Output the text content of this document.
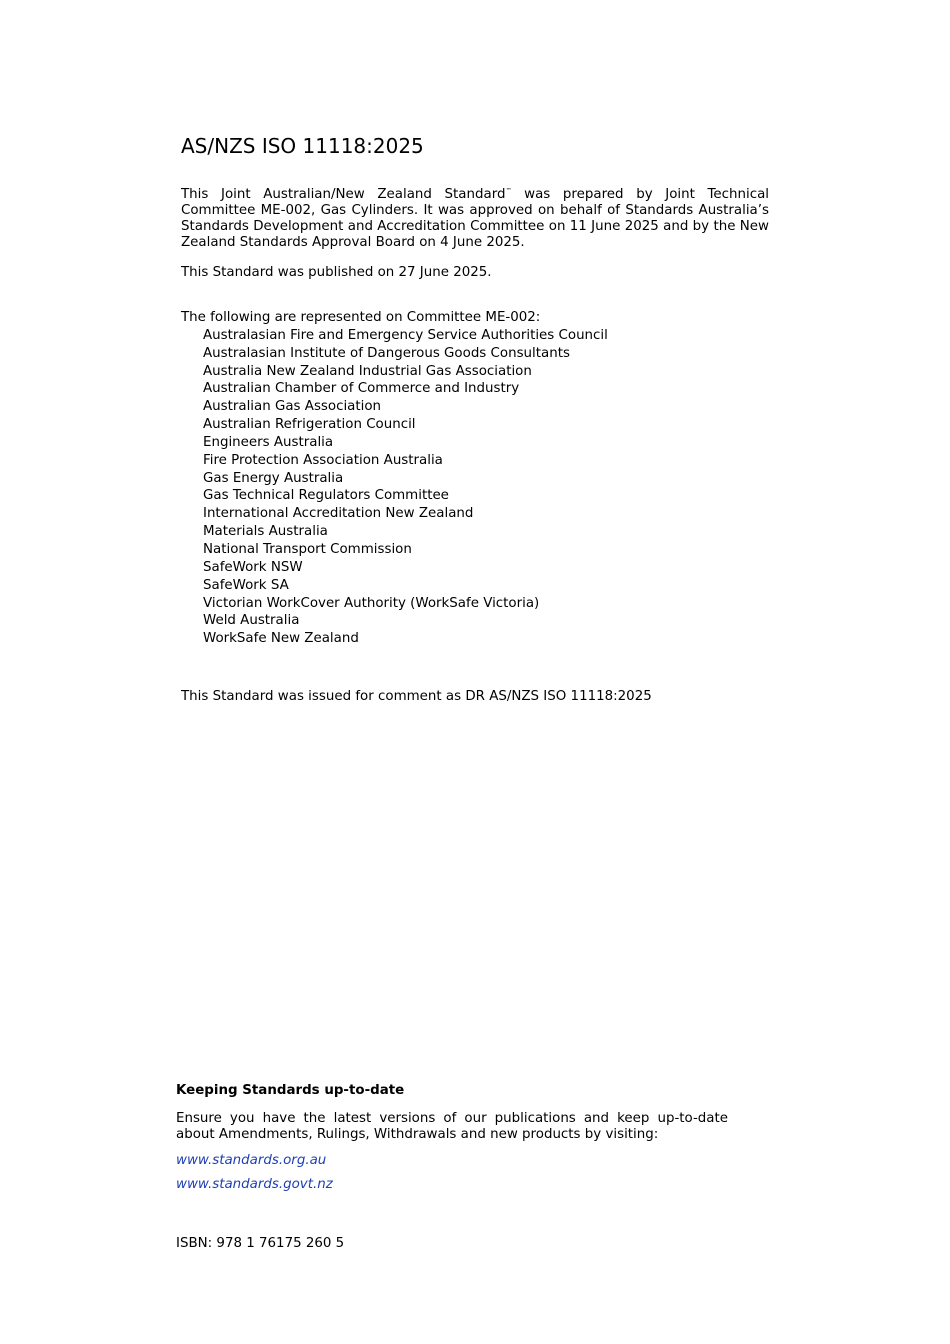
AS/NZS ISO 11118:2025

This Joint Australian/New Zealand Standard™ was prepared by Joint Technical Committee ME-002, Gas Cylinders. It was approved on behalf of Standards Australia’s Standards Development and Accreditation Committee on 11 June 2025 and by the New Zealand Standards Approval Board on 4 June 2025.

This Standard was published on 27 June 2025.

The following are represented on Committee ME-002:
Australasian Fire and Emergency Service Authorities Council
Australasian Institute of Dangerous Goods Consultants
Australia New Zealand Industrial Gas Association
Australian Chamber of Commerce and Industry
Australian Gas Association
Australian Refrigeration Council
Engineers Australia
Fire Protection Association Australia
Gas Energy Australia
Gas Technical Regulators Committee
International Accreditation New Zealand
Materials Australia
National Transport Commission
SafeWork NSW
SafeWork SA
Victorian WorkCover Authority (WorkSafe Victoria)
Weld Australia
WorkSafe New Zealand

This Standard was issued for comment as DR AS/NZS ISO 11118:2025

Keeping Standards up-to-date

Ensure you have the latest versions of our publications and keep up-to-date about Amendments, Rulings, Withdrawals and new products by visiting:

www.standards.org.au
www.standards.govt.nz
ISBN: 978 1 76175 260 5
